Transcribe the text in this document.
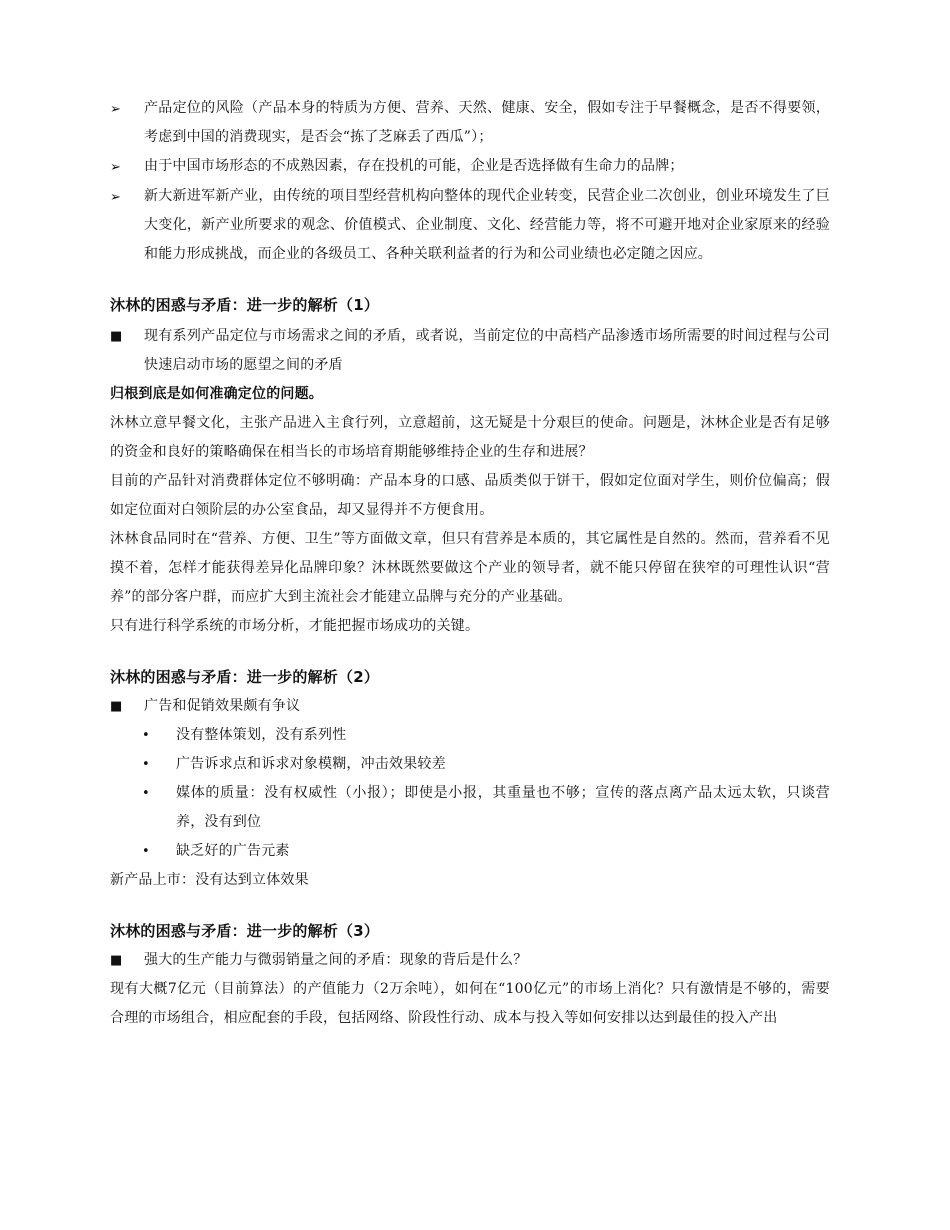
➢	产品定位的风险（产品本身的特质为方便、营养、天然、健康、安全，假如专注于早餐概念，是否不得要领，考虑到中国的消费现实，是否会“拣了芝麻丢了西瓜”）；
➢	由于中国市场形态的不成熟因素，存在投机的可能，企业是否选择做有生命力的品牌；
➢	新大新进军新产业，由传统的项目型经营机构向整体的现代企业转变，民营企业二次创业，创业环境发生了巨大变化，新产业所要求的观念、价值模式、企业制度、文化、经营能力等，将不可避开地对企业家原来的经验和能力形成挑战，而企业的各级员工、各种关联利益者的行为和公司业绩也必定随之因应。
沐林的困惑与矛盾：进一步的解析（1）
■	现有系列产品定位与市场需求之间的矛盾，或者说，当前定位的中高档产品渗透市场所需要的时间过程与公司快速启动市场的愿望之间的矛盾
归根到底是如何准确定位的问题。

沐林立意早餐文化，主张产品进入主食行列，立意超前，这无疑是十分艰巨的使命。问题是，沐林企业是否有足够的资金和良好的策略确保在相当长的市场培育期能够维持企业的生存和进展？

目前的产品针对消费群体定位不够明确：产品本身的口感、品质类似于饼干，假如定位面对学生，则价位偏高；假如定位面对白领阶层的办公室食品，却又显得并不方便食用。

沐林食品同时在“营养、方便、卫生”等方面做文章，但只有营养是本质的，其它属性是自然的。然而，营养看不见摸不着，怎样才能获得差异化品牌印象？沐林既然要做这个产业的领导者，就不能只停留在狭窄的可理性认识“营养”的部分客户群，而应扩大到主流社会才能建立品牌与充分的产业基础。

只有进行科学系统的市场分析，才能把握市场成功的关键。

沐林的困惑与矛盾：进一步的解析（2）
■	广告和促销效果颇有争议
•	没有整体策划，没有系列性
•	广告诉求点和诉求对象模糊，冲击效果较差
•	媒体的质量：没有权威性（小报）；即使是小报，其重量也不够；宣传的落点离产品太远太软，只谈营养，没有到位
•	缺乏好的广告元素

新产品上市：没有达到立体效果

沐林的困惑与矛盾：进一步的解析（3）
■	强大的生产能力与微弱销量之间的矛盾：现象的背后是什么？

现有大概7亿元（目前算法）的产值能力（2万余吨），如何在“100亿元”的市场上消化？只有激情是不够的，需要合理的市场组合，相应配套的手段，包括网络、阶段性行动、成本与投入等如何安排以达到最佳的投入产出
